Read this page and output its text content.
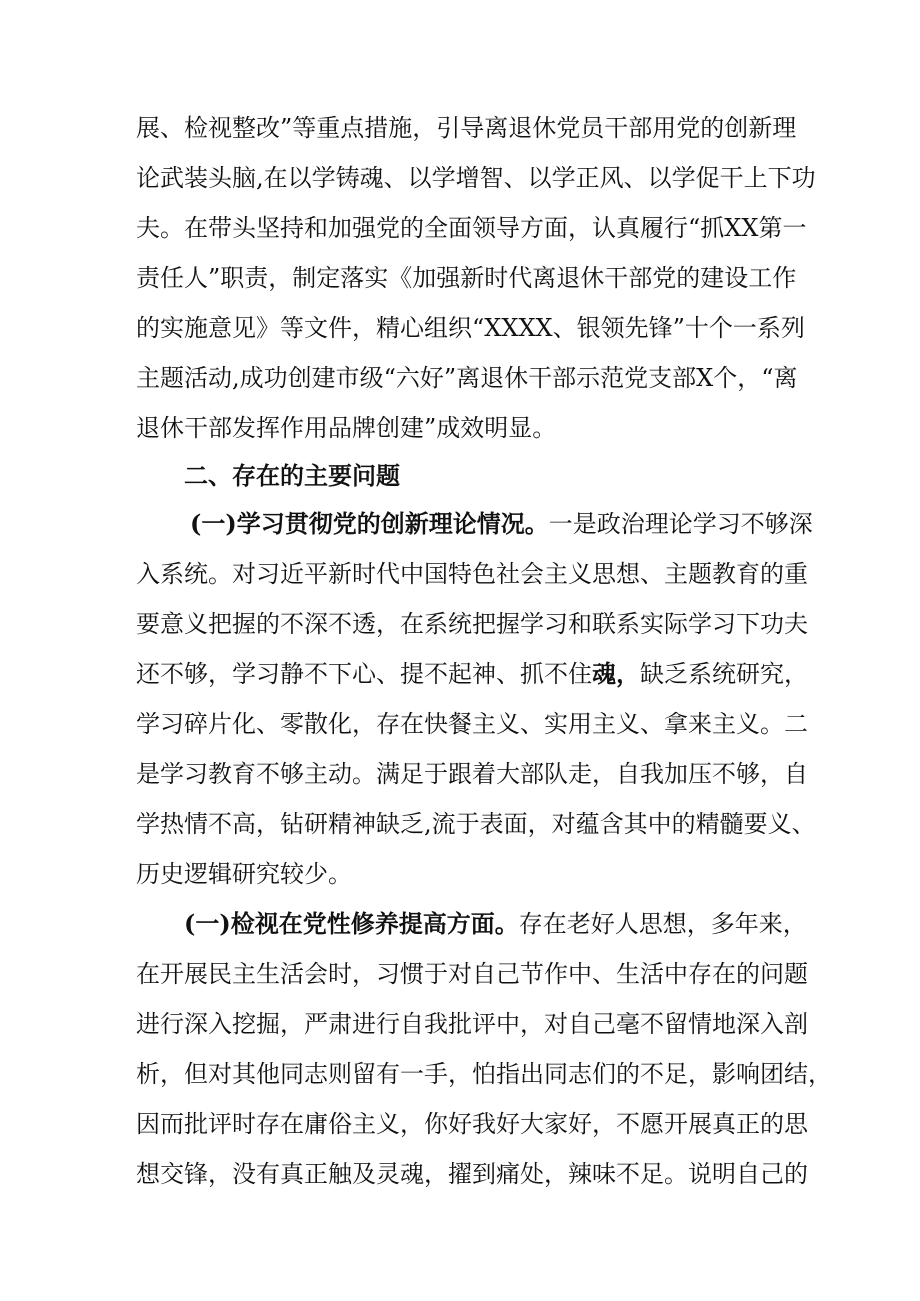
展、检视整改”等重点措施，引导离退休党员干部用党的创新理
论武装头脑,在以学铸魂、以学增智、以学正风、以学促干上下功
夫。在带头坚持和加强党的全面领导方面，认真履行“抓XX第一
责任人”职责，制定落实《加强新时代离退休干部党的建设工作
的实施意见》等文件，精心组织“XXXX、银领先锋”十个一系列
主题活动,成功创建市级“六好”离退休干部示范党支部X个，“离
退休干部发挥作用品牌创建”成效明显。
二、存在的主要问题
(一)学习贯彻党的创新理论情况。一是政治理论学习不够深
入系统。对习近平新时代中国特色社会主义思想、主题教育的重
要意义把握的不深不透，在系统把握学习和联系实际学习下功夫
还不够，学习静不下心、提不起神、抓不住魂，缺乏系统研究，
学习碎片化、零散化，存在快餐主义、实用主义、拿来主义。二
是学习教育不够主动。满足于跟着大部队走，自我加压不够，自
学热情不高，钻研精神缺乏,流于表面，对蕴含其中的精髓要义、
历史逻辑研究较少。
(一)检视在党性修养提高方面。存在老好人思想，多年来，
在开展民主生活会时，习惯于对自己节作中、生活中存在的问题
进行深入挖掘，严肃进行自我批评中，对自己毫不留情地深入剖
析，但对其他同志则留有一手，怕指出同志们的不足，影响团结，
因而批评时存在庸俗主义，你好我好大家好，不愿开展真正的思
想交锋，没有真正触及灵魂，擢到痛处，辣味不足。说明自己的
